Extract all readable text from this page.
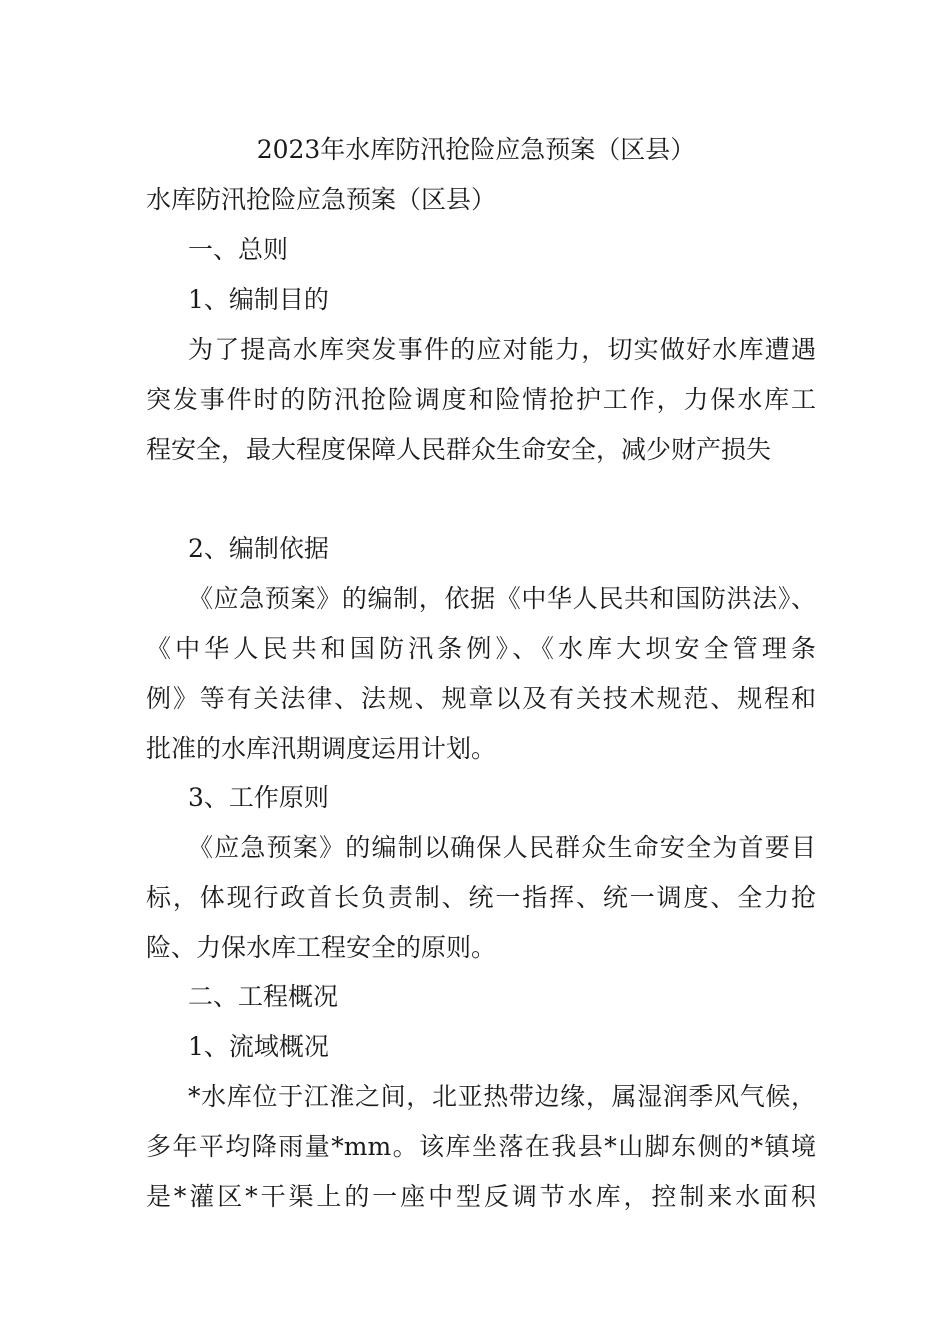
2023年水库防汛抢险应急预案（区县）
水库防汛抢险应急预案（区县）
一、总则
1、编制目的
为了提高水库突发事件的应对能力，切实做好水库遭遇
突发事件时的防汛抢险调度和险情抢护工作，力保水库工
程安全，最大程度保障人民群众生命安全，减少财产损失
2、编制依据
《应急预案》的编制，依据《中华人民共和国防洪法》、
《中华人民共和国防汛条例》、《水库大坝安全管理条
例》等有关法律、法规、规章以及有关技术规范、规程和
批准的水库汛期调度运用计划。
3、工作原则
《应急预案》的编制以确保人民群众生命安全为首要目
标，体现行政首长负责制、统一指挥、统一调度、全力抢
险、力保水库工程安全的原则。
二、工程概况
1、流域概况
*水库位于江淮之间，北亚热带边缘，属湿润季风气候，
多年平均降雨量*mm。该库坐落在我县*山脚东侧的*镇境
是*灌区*干渠上的一座中型反调节水库，控制来水面积
